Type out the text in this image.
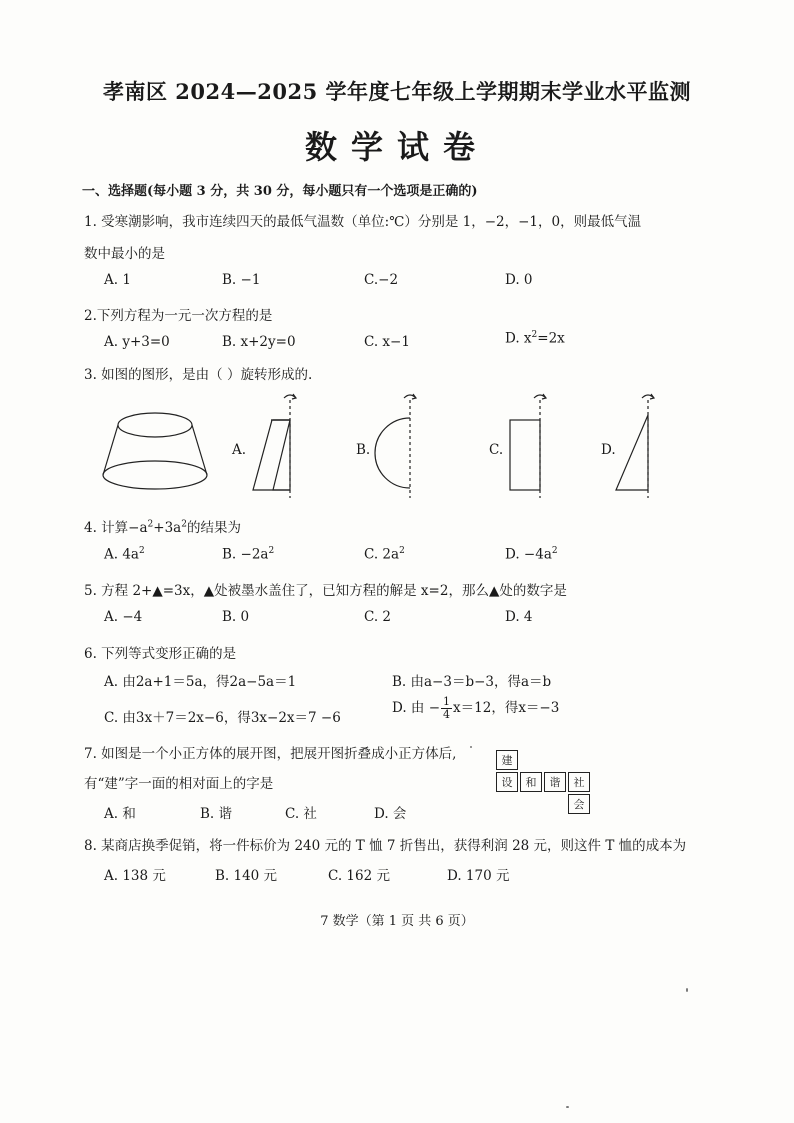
孝南区 2024—2025 学年度七年级上学期期末学业水平监测
数学试卷
一、选择题(每小题 3 分，共 30 分，每小题只有一个选项是正确的)
1. 受寒潮影响，我市连续四天的最低气温数（单位:℃）分别是 1，−2，−1，0，则最低气温
数中最小的是
A. 1	B. −1	C.−2	D. 0
2.下列方程为一元一次方程的是
A. y+3=0	B. x+2y=0	C. x−1	D. $x^2=2x$
3. 如图的图形，是由（ ）旋转形成的.
A.	B.	C.	D.
4. 计算$-a^2+3a^2$的结果为
A. $4a^2$	B. $-2a^2$	C. $2a^2$	D. $-4a^2$
5. 方程 2+▲=3x，▲处被墨水盖住了，已知方程的解是 x=2，那么▲处的数字是
A. −4	B. 0	C. 2	D. 4
6. 下列等式变形正确的是
A. 由2a+1＝5a，得2a−5a＝1	B. 由a−3＝b−3，得a＝b
C. 由3x＋7＝2x−6，得3x−2x＝7 −6
D. 由 − $\frac{1}{4} x=12$，得x＝−3
7. 如图是一个小正方体的展开图，把展开图折叠成小正方体后,
有“建”字一面的相对面上的字是
A. 和	B. 谐	C. 社	D. 会
建
设	和	谐	社
会
8. 某商店换季促销，将一件标价为 240 元的 T 恤 7 折售出，获得利润 28 元，则这件 T 恤的成本为
A. 138 元	B. 140 元	C. 162 元	D. 170 元
7 数学（第 1 页 共 6 页）
